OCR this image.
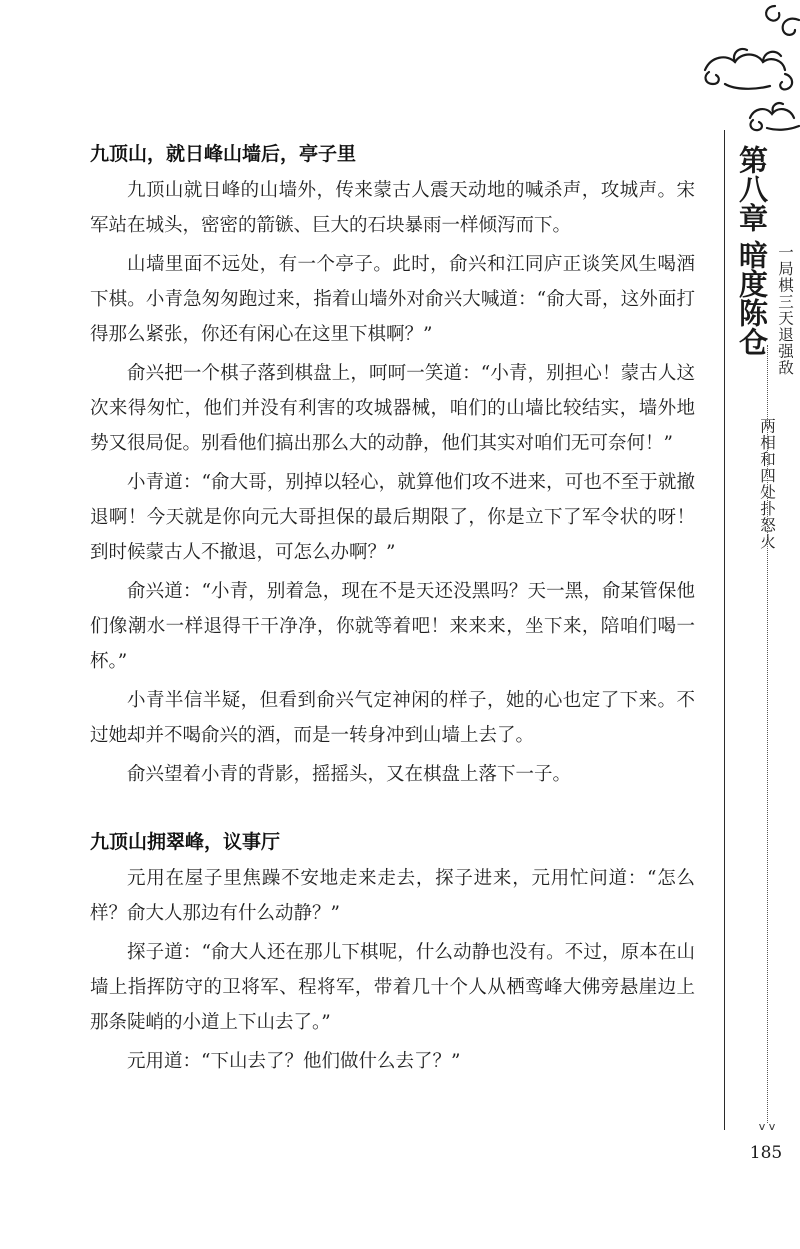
第八章
暗度陈仓 一局棋三天退强敌
两相和四处扑怒火
v v
185
九顶山，就日峰山墙后，亭子里

九顶山就日峰的山墙外，传来蒙古人震天动地的喊杀声，攻城声。宋军站在城头，密密的箭镞、巨大的石块暴雨一样倾泻而下。

山墙里面不远处，有一个亭子。此时，俞兴和江同庐正谈笑风生喝酒下棋。小青急匆匆跑过来，指着山墙外对俞兴大喊道：“俞大哥，这外面打得那么紧张，你还有闲心在这里下棋啊？”

俞兴把一个棋子落到棋盘上，呵呵一笑道：“小青，别担心！蒙古人这次来得匆忙，他们并没有利害的攻城器械，咱们的山墙比较结实，墙外地势又很局促。别看他们搞出那么大的动静，他们其实对咱们无可奈何！”

小青道：“俞大哥，别掉以轻心，就算他们攻不进来，可也不至于就撤退啊！今天就是你向元大哥担保的最后期限了，你是立下了军令状的呀！到时候蒙古人不撤退，可怎么办啊？”

俞兴道：“小青，别着急，现在不是天还没黑吗？天一黑，俞某管保他们像潮水一样退得干干净净，你就等着吧！来来来，坐下来，陪咱们喝一杯。”

小青半信半疑，但看到俞兴气定神闲的样子，她的心也定了下来。不过她却并不喝俞兴的酒，而是一转身冲到山墙上去了。

俞兴望着小青的背影，摇摇头，又在棋盘上落下一子。

九顶山拥翠峰，议事厅

元用在屋子里焦躁不安地走来走去，探子进来，元用忙问道：“怎么样？俞大人那边有什么动静？”

探子道：“俞大人还在那儿下棋呢，什么动静也没有。不过，原本在山墙上指挥防守的卫将军、程将军，带着几十个人从栖鸾峰大佛旁悬崖边上那条陡峭的小道上下山去了。”

元用道：“下山去了？他们做什么去了？”
